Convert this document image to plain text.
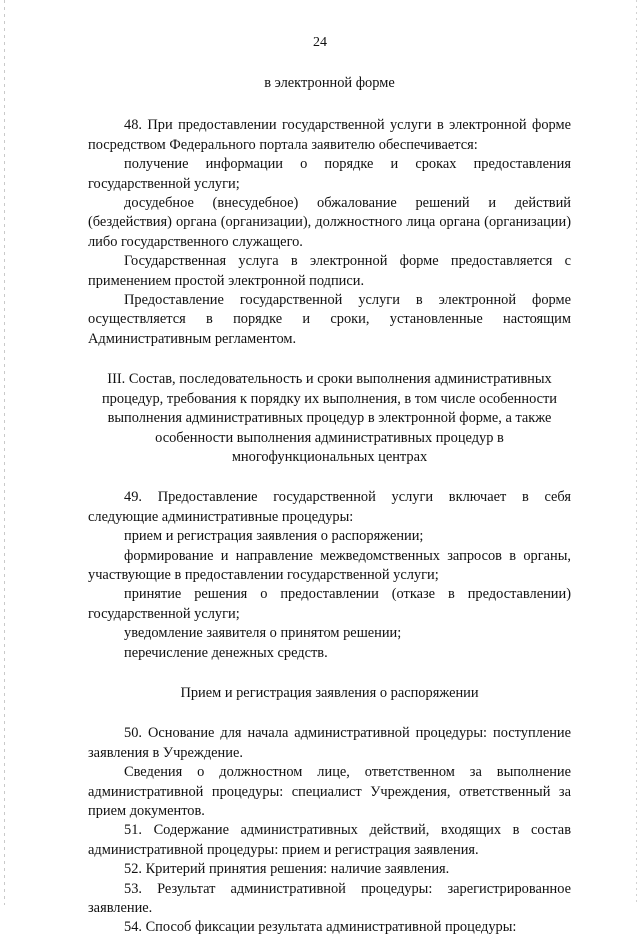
24

в электронной форме

48. При предоставлении государственной услуги в электронной форме посредством Федерального портала заявителю обеспечивается:

получение информации о порядке и сроках предоставления государственной услуги;

досудебное (внесудебное) обжалование решений и действий (бездействия) органа (организации), должностного лица органа (организации) либо государственного служащего.

Государственная услуга в электронной форме предоставляется с применением простой электронной подписи.

Предоставление государственной услуги в электронной форме осуществляется в порядке и сроки, установленные настоящим Административным регламентом.

III. Состав, последовательность и сроки выполнения административных процедур, требования к порядку их выполнения, в том числе особенности выполнения административных процедур в электронной форме, а также особенности выполнения административных процедур в многофункциональных центрах

49. Предоставление государственной услуги включает в себя следующие административные процедуры:

прием и регистрация заявления о распоряжении;

формирование и направление межведомственных запросов в органы, участвующие в предоставлении государственной услуги;

принятие решения о предоставлении (отказе в предоставлении) государственной услуги;

уведомление заявителя о принятом решении;

перечисление денежных средств.

Прием и регистрация заявления о распоряжении

50. Основание для начала административной процедуры: поступление заявления в Учреждение.

Сведения о должностном лице, ответственном за выполнение административной процедуры: специалист Учреждения, ответственный за прием документов.

51. Содержание административных действий, входящих в состав административной процедуры: прием и регистрация заявления.

52. Критерий принятия решения: наличие заявления.

53. Результат административной процедуры: зарегистрированное заявление.

54. Способ фиксации результата административной процедуры:
